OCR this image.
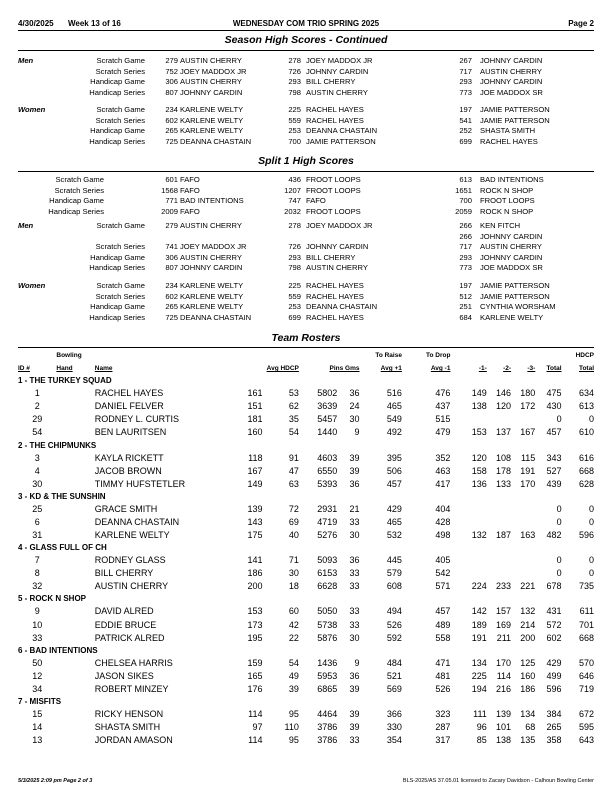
4/30/2025 Week 13 of 16	WEDNESDAY COM TRIO SPRING 2025	Page 2
Season High Scores - Continued
Men	Scratch Game	279 AUSTIN CHERRY	278 JOEY MADDOX JR	267 JOHNNY CARDIN
Scratch Series	752 JOEY MADDOX JR	726 JOHNNY CARDIN	717 AUSTIN CHERRY
Handicap Game	306 AUSTIN CHERRY	293 BILL CHERRY	293 JOHNNY CARDIN
Handicap Series	807 JOHNNY CARDIN	798 AUSTIN CHERRY	773 JOE MADDOX SR
Women	Scratch Game	234 KARLENE WELTY	225 RACHEL HAYES	197 JAMIE PATTERSON
Scratch Series	602 KARLENE WELTY	559 RACHEL HAYES	541 JAMIE PATTERSON
Handicap Game	265 KARLENE WELTY	253 DEANNA CHASTAIN	252 SHASTA SMITH
Handicap Series	725 DEANNA CHASTAIN	700 JAMIE PATTERSON	699 RACHEL HAYES
Split 1 High Scores
Scratch Game	601 FAFO	436 FROOT LOOPS	613 BAD INTENTIONS
Scratch Series	1568 FAFO	1207 FROOT LOOPS	1651 ROCK N SHOP
Handicap Game	771 BAD INTENTIONS	747 FAFO	700 FROOT LOOPS
Handicap Series	2009 FAFO	2032 FROOT LOOPS	2059 ROCK N SHOP
Men	Scratch Game	279 AUSTIN CHERRY	278 JOEY MADDOX JR	266 KEN FITCH
266 JOHNNY CARDIN
Scratch Series	741 JOEY MADDOX JR	726 JOHNNY CARDIN	717 AUSTIN CHERRY
Handicap Game	306 AUSTIN CHERRY	293 BILL CHERRY	293 JOHNNY CARDIN
Handicap Series	807 JOHNNY CARDIN	798 AUSTIN CHERRY	773 JOE MADDOX SR
Women	Scratch Game	234 KARLENE WELTY	225 RACHEL HAYES	197 JAMIE PATTERSON
Scratch Series	602 KARLENE WELTY	559 RACHEL HAYES	512 JAMIE PATTERSON
Handicap Game	265 KARLENE WELTY	253 DEANNA CHASTAIN	251 CYNTHIA WORSHAM
Handicap Series	725 DEANNA CHASTAIN	699 RACHEL HAYES	684 KARLENE WELTY
Team Rosters
	Bowling						To Raise	To Drop					HDCP
ID #	Hand	Name	Avg HDCP		Pins Gms		Avg +1	Avg -1	-1-	-2-	-3-	Total	Total
1 - THE TURKEY SQUAD													
1		RACHEL HAYES	161	53	5802	36	516	476	149	146	180	475	634
2		DANIEL FELVER	151	62	3639	24	465	437	138	120	172	430	613
29		RODNEY L. CURTIS	181	35	5457	30	549	515				0	0
54		BEN LAURITSEN	160	54	1440	9	492	479	153	137	167	457	610
2 - THE CHIPMUNKS													
3		KAYLA RICKETT	118	91	4603	39	395	352	120	108	115	343	616
4		JACOB BROWN	167	47	6550	39	506	463	158	178	191	527	668
30		TIMMY HUFSTETLER	149	63	5393	36	457	417	136	133	170	439	628
3 - KD & THE SUNSHIN													
25		GRACE SMITH	139	72	2931	21	429	404				0	0
6		DEANNA CHASTAIN	143	69	4719	33	465	428				0	0
31		KARLENE WELTY	175	40	5276	30	532	498	132	187	163	482	596
4 - GLASS FULL OF CH													
7		RODNEY GLASS	141	71	5093	36	445	405				0	0
8		BILL CHERRY	186	30	6153	33	579	542				0	0
32		AUSTIN CHERRY	200	18	6628	33	608	571	224	233	221	678	735
5 - ROCK N SHOP													
9		DAVID ALRED	153	60	5050	33	494	457	142	157	132	431	611
10		EDDIE BRUCE	173	42	5738	33	526	489	189	169	214	572	701
33		PATRICK ALRED	195	22	5876	30	592	558	191	211	200	602	668
6 - BAD INTENTIONS													
50		CHELSEA HARRIS	159	54	1436	9	484	471	134	170	125	429	570
12		JASON SIKES	165	49	5953	36	521	481	225	114	160	499	646
34		ROBERT MINZEY	176	39	6865	39	569	526	194	216	186	596	719
7 - MISFITS													
15		RICKY HENSON	114	95	4464	39	366	323	111	139	134	384	672
14		SHASTA SMITH	97	110	3786	39	330	287	96	101	68	265	595
13		JORDAN AMASON	114	95	3786	33	354	317	85	138	135	358	643
5/3/2025 2:09 pm Page 2 of 3	BLS-2025/AS 37.05.01 licensed to Zacary Davidson - Calhoun Bowling Center
